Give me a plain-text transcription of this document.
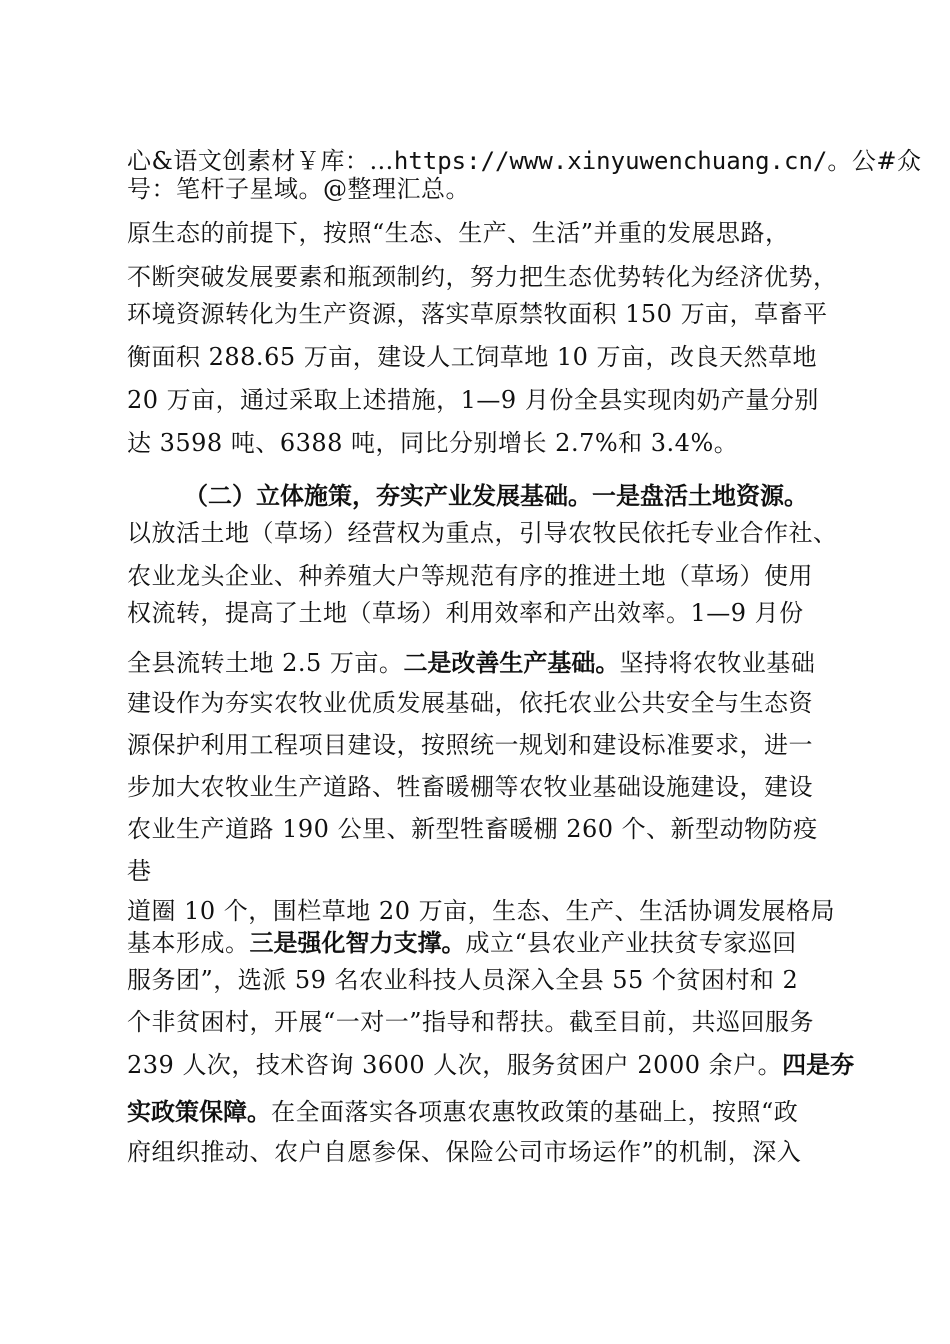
心&语文创素材￥库：…https://www.xinyuwenchuang.cn/。公#众
号：笔杆子星域。@整理汇总。
原生态的前提下，按照“生态、生产、生活”并重的发展思路，
不断突破发展要素和瓶颈制约，努力把生态优势转化为经济优势，
环境资源转化为生产资源，落实草原禁牧面积 150 万亩，草畜平
衡面积 288.65 万亩，建设人工饲草地 10 万亩，改良天然草地
20 万亩，通过采取上述措施，1—9 月份全县实现肉奶产量分别
达 3598 吨、6388 吨，同比分别增长 2.7%和 3.4%。
（二）立体施策，夯实产业发展基础。一是盘活土地资源。
以放活土地（草场）经营权为重点，引导农牧民依托专业合作社、
农业龙头企业、种养殖大户等规范有序的推进土地（草场）使用
权流转，提高了土地（草场）利用效率和产出效率。1—9 月份
全县流转土地 2.5 万亩。二是改善生产基础。坚持将农牧业基础
建设作为夯实农牧业优质发展基础，依托农业公共安全与生态资
源保护利用工程项目建设，按照统一规划和建设标准要求，进一
步加大农牧业生产道路、牲畜暖棚等农牧业基础设施建设，建设
农业生产道路 190 公里、新型牲畜暖棚 260 个、新型动物防疫
巷
道圈 10 个，围栏草地 20 万亩，生态、生产、生活协调发展格局
基本形成。三是强化智力支撑。成立“县农业产业扶贫专家巡回
服务团”，选派 59 名农业科技人员深入全县 55 个贫困村和 2
个非贫困村，开展“一对一”指导和帮扶。截至目前，共巡回服务
239 人次，技术咨询 3600 人次，服务贫困户 2000 余户。四是夯
实政策保障。在全面落实各项惠农惠牧政策的基础上，按照“政
府组织推动、农户自愿参保、保险公司市场运作”的机制，深入
